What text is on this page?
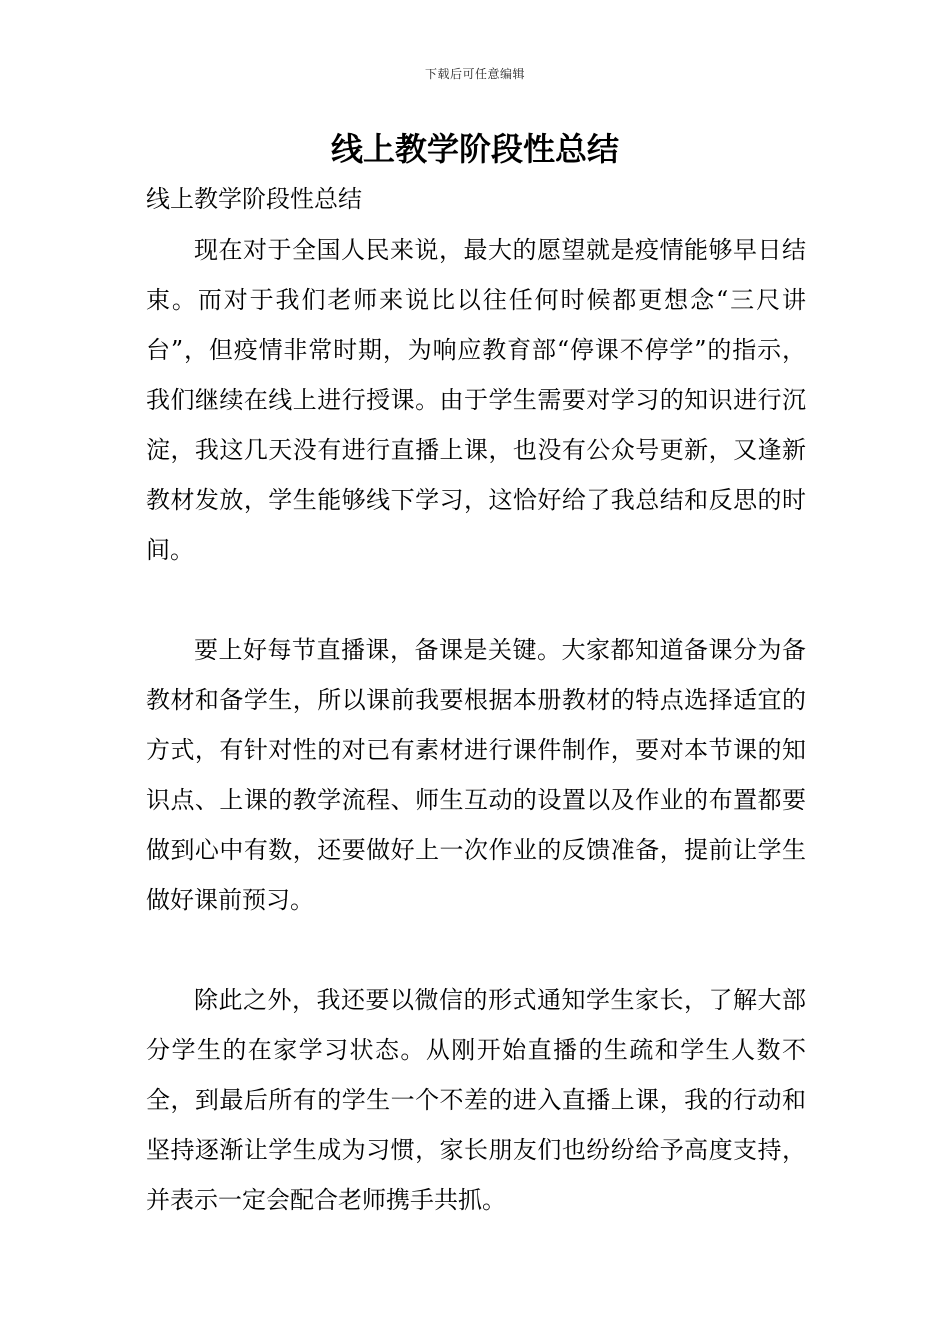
下载后可任意编辑
线上教学阶段性总结

线上教学阶段性总结

现在对于全国人民来说，最大的愿望就是疫情能够早日结束。而对于我们老师来说比以往任何时候都更想念“三尺讲台”，但疫情非常时期，为响应教育部“停课不停学”的指示，我们继续在线上进行授课。由于学生需要对学习的知识进行沉淀，我这几天没有进行直播上课，也没有公众号更新，又逢新教材发放，学生能够线下学习，这恰好给了我总结和反思的时间。

要上好每节直播课，备课是关键。大家都知道备课分为备教材和备学生，所以课前我要根据本册教材的特点选择适宜的方式，有针对性的对已有素材进行课件制作，要对本节课的知识点、上课的教学流程、师生互动的设置以及作业的布置都要做到心中有数，还要做好上一次作业的反馈准备，提前让学生做好课前预习。

除此之外，我还要以微信的形式通知学生家长，了解大部分学生的在家学习状态。从刚开始直播的生疏和学生人数不全，到最后所有的学生一个不差的进入直播上课，我的行动和坚持逐渐让学生成为习惯，家长朋友们也纷纷给予高度支持，并表示一定会配合老师携手共抓。
